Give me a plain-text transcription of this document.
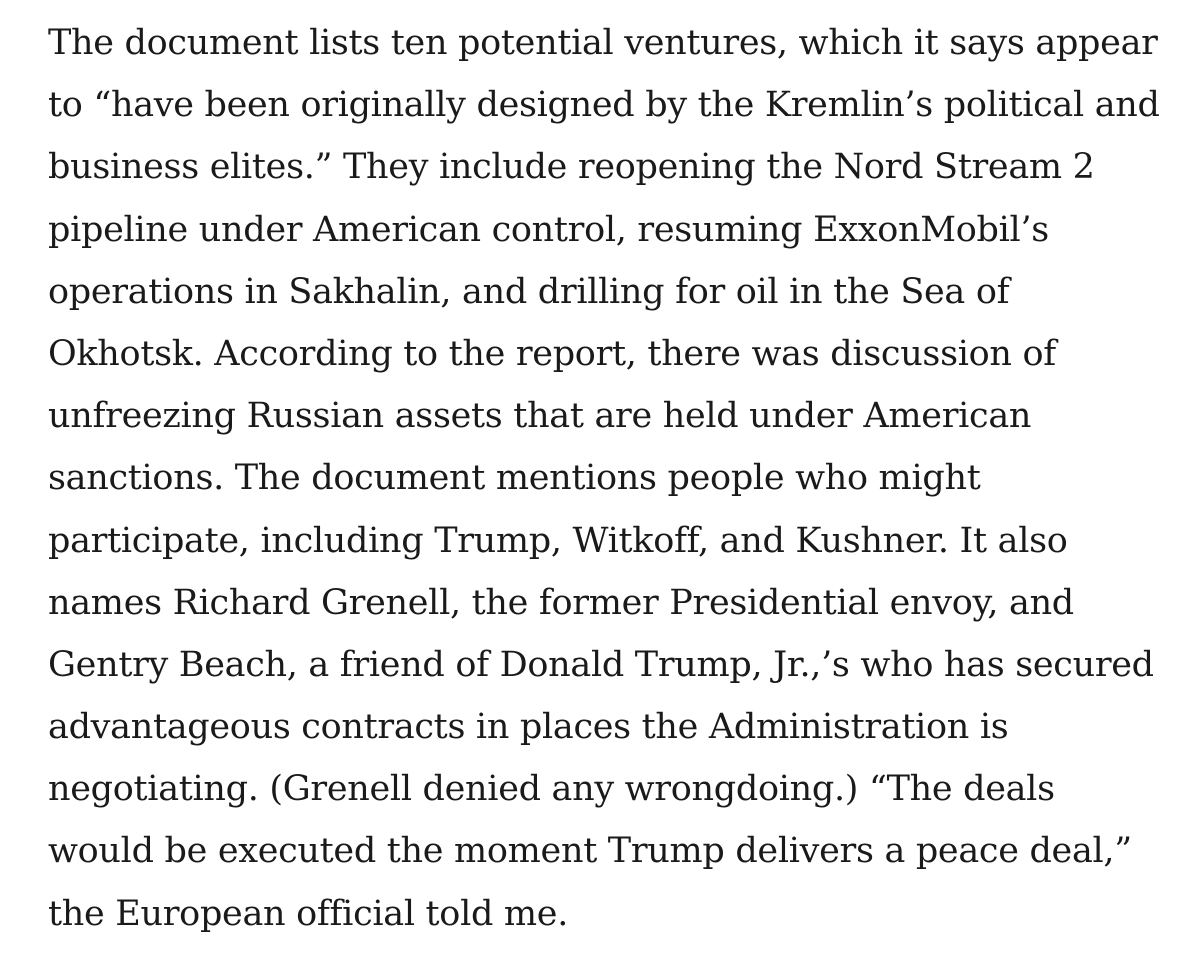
The document lists ten potential ventures, which it says appear
to “have been originally designed by the Kremlin’s political and
business elites.” They include reopening the Nord Stream 2
pipeline under American control, resuming ExxonMobil’s
operations in Sakhalin, and drilling for oil in the Sea of
Okhotsk. According to the report, there was discussion of
unfreezing Russian assets that are held under American
sanctions. The document mentions people who might
participate, including Trump, Witkoff, and Kushner. It also
names Richard Grenell, the former Presidential envoy, and
Gentry Beach, a friend of Donald Trump, Jr.,’s who has secured
advantageous contracts in places the Administration is
negotiating. (Grenell denied any wrongdoing.) “The deals
would be executed the moment Trump delivers a peace deal,”
the European official told me.
